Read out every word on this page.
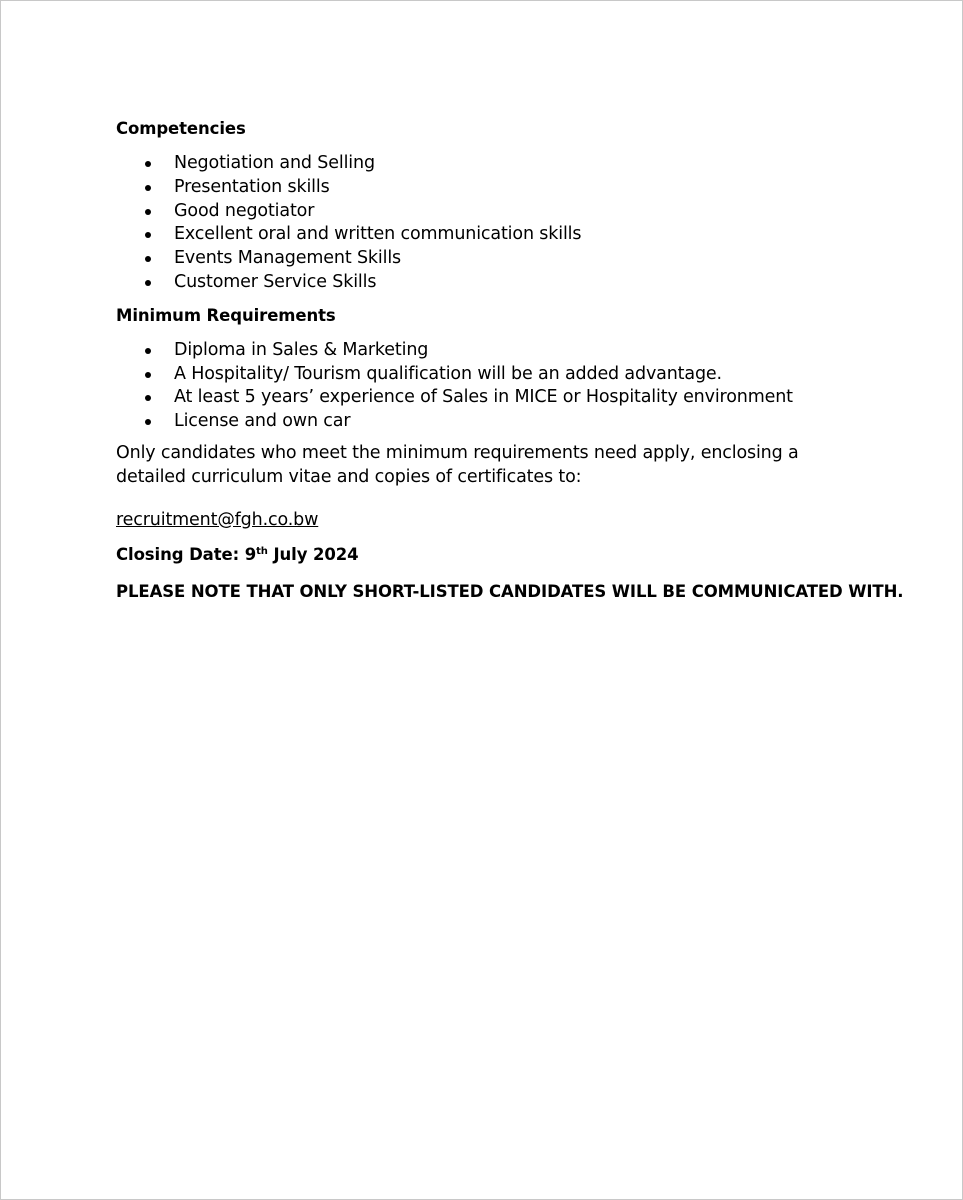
Competencies
Negotiation and Selling
Presentation skills
Good negotiator
Excellent oral and written communication skills
Events Management Skills
Customer Service Skills
Minimum Requirements
Diploma in Sales & Marketing
A Hospitality/ Tourism qualification will be an added advantage.
At least 5 years’ experience of Sales in MICE or Hospitality environment
License and own car
Only candidates who meet the minimum requirements need apply, enclosing a
detailed curriculum vitae and copies of certificates to:
recruitment@fgh.co.bw
Closing Date: 9th July 2024
PLEASE NOTE THAT ONLY SHORT-LISTED CANDIDATES WILL BE COMMUNICATED WITH.
